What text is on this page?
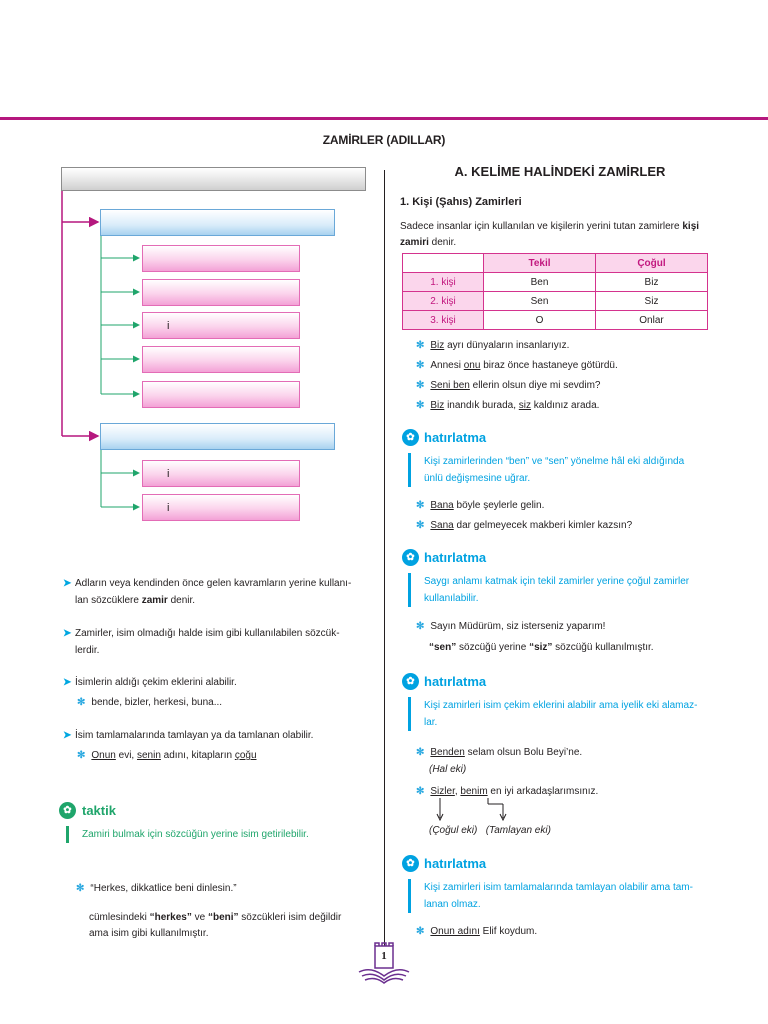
ZAMİRLER (ADILLAR)
i
i
i
➤ Adların veya kendinden önce gelen kavramların yerine kullanı-
lan sözcüklere zamir denir.
➤ Zamirler, isim olmadığı halde isim gibi kullanılabilen sözcük-
lerdir.
➤ İsimlerin aldığı çekim eklerini alabilir.
✻ bende, bizler, herkesi, buna...
➤ İsim tamlamalarında tamlayan ya da tamlanan olabilir.
✻ Onun evi, senin adını, kitapların çoğu
✿ taktik
Zamiri bulmak için sözcüğün yerine isim getirilebilir.
✻ “Herkes, dikkatlice beni dinlesin.”
cümlesindeki “herkes” ve “beni” sözcükleri isim değildir
ama isim gibi kullanılmıştır.
A. KELİME HALİNDEKİ ZAMİRLER
1. Kişi (Şahıs) Zamirleri
Sadece insanlar için kullanılan ve kişilerin yerini tutan zamirlere kişi
zamiri denir.
	Tekil	Çoğul
1. kişi	Ben	Biz
2. kişi	Sen	Siz
3. kişi	O	Onlar
✻ Biz ayrı dünyaların insanlarıyız.
✻ Annesi onu biraz önce hastaneye götürdü.
✻ Seni ben ellerin olsun diye mi sevdim?
✻ Biz inandık burada, siz kaldınız arada.
✿ hatırlatma
Kişi zamirlerinden “ben” ve “sen” yönelme hâl eki aldığında
ünlü değişmesine uğrar.
✻ Bana böyle şeylerle gelin.
✻ Sana dar gelmeyecek makberi kimler kazsın?
✿ hatırlatma
Saygı anlamı katmak için tekil zamirler yerine çoğul zamirler
kullanılabilir.
✻ Sayın Müdürüm, siz isterseniz yaparım!
“sen” sözcüğü yerine “siz” sözcüğü kullanılmıştır.
✿ hatırlatma
Kişi zamirleri isim çekim eklerini alabilir ama iyelik eki alamaz-
lar.
✻ Benden selam olsun Bolu Beyi’ne.
(Hal eki)
✻ Sizler, benim en iyi arkadaşlarımsınız.
(Çoğul eki) (Tamlayan eki)
✿ hatırlatma
Kişi zamirleri isim tamlamalarında tamlayan olabilir ama tam-
lanan olmaz.
✻ Onun adını Elif koydum.
1
